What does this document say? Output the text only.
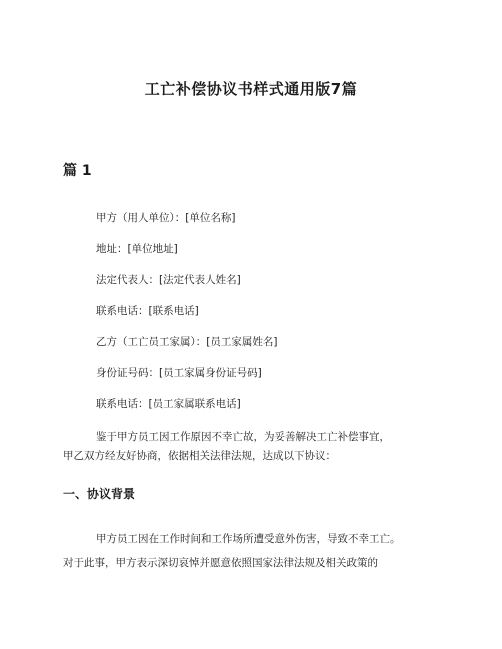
工亡补偿协议书样式通用版7篇
篇 1
甲方（用人单位）：[单位名称]
地址：[单位地址]
法定代表人：[法定代表人姓名]
联系电话：[联系电话]
乙方（工亡员工家属）：[员工家属姓名]
身份证号码：[员工家属身份证号码]
联系电话：[员工家属联系电话]
鉴于甲方员工因工作原因不幸亡故，为妥善解决工亡补偿事宜，
甲乙双方经友好协商，依据相关法律法规，达成以下协议：
一、协议背景
甲方员工因在工作时间和工作场所遭受意外伤害，导致不幸工亡。
对于此事，甲方表示深切哀悼并愿意依照国家法律法规及相关政策的
